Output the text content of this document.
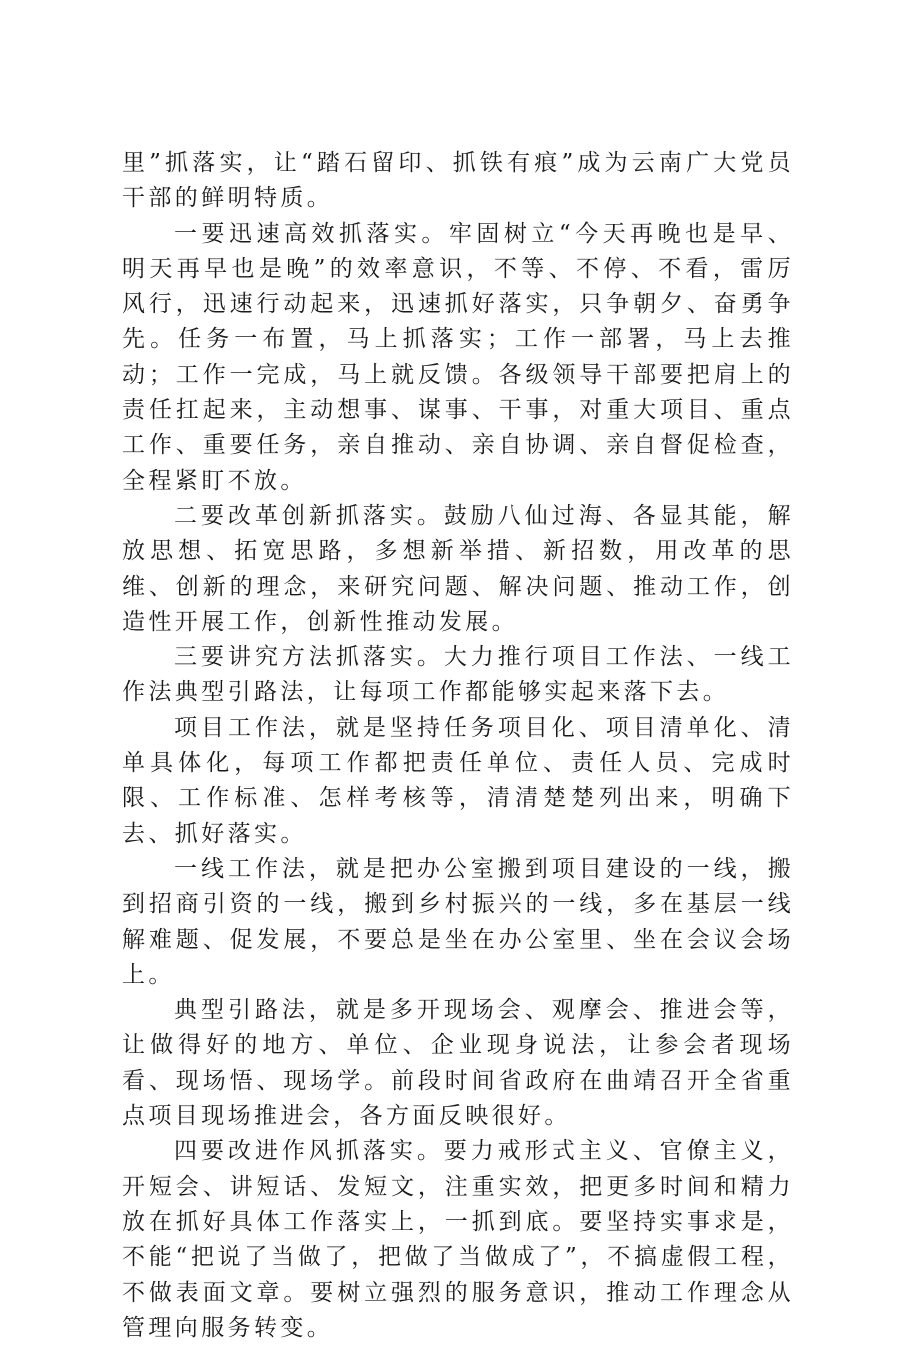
里”抓落实，让“踏石留印、抓铁有痕”成为云南广大党员干部的鲜明特质。

一要迅速高效抓落实。牢固树立“今天再晚也是早、明天再早也是晚”的效率意识，不等、不停、不看，雷厉风行，迅速行动起来，迅速抓好落实，只争朝夕、奋勇争先。任务一布置，马上抓落实；工作一部署，马上去推动；工作一完成，马上就反馈。各级领导干部要把肩上的责任扛起来，主动想事、谋事、干事，对重大项目、重点工作、重要任务，亲自推动、亲自协调、亲自督促检查，全程紧盯不放。

二要改革创新抓落实。鼓励八仙过海、各显其能，解放思想、拓宽思路，多想新举措、新招数，用改革的思维、创新的理念，来研究问题、解决问题、推动工作，创造性开展工作，创新性推动发展。

三要讲究方法抓落实。大力推行项目工作法、一线工作法典型引路法，让每项工作都能够实起来落下去。

项目工作法，就是坚持任务项目化、项目清单化、清单具体化，每项工作都把责任单位、责任人员、完成时限、工作标准、怎样考核等，清清楚楚列出来，明确下去、抓好落实。

一线工作法，就是把办公室搬到项目建设的一线，搬到招商引资的一线，搬到乡村振兴的一线，多在基层一线解难题、促发展，不要总是坐在办公室里、坐在会议会场上。

典型引路法，就是多开现场会、观摩会、推进会等，让做得好的地方、单位、企业现身说法，让参会者现场看、现场悟、现场学。前段时间省政府在曲靖召开全省重点项目现场推进会，各方面反映很好。

四要改进作风抓落实。要力戒形式主义、官僚主义，开短会、讲短话、发短文，注重实效，把更多时间和精力放在抓好具体工作落实上，一抓到底。要坚持实事求是，不能“把说了当做了，把做了当做成了”，不搞虚假工程，不做表面文章。要树立强烈的服务意识，推动工作理念从管理向服务转变。
